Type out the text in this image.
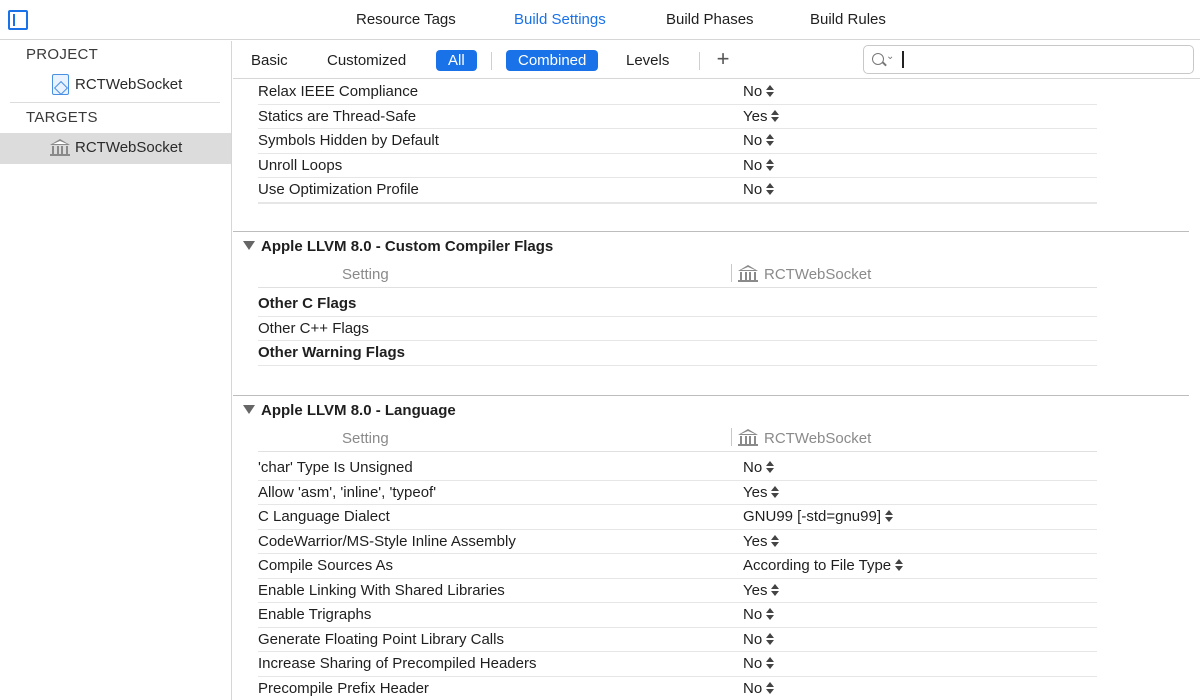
Resource Tags	Build Settings	Build Phases	Build Rules
PROJECT
RCTWebSocket
TARGETS
RCTWebSocket
Basic	Customized	All	Combined	Levels +	⌄
Relax IEEE Compliance	No
Statics are Thread-Safe	Yes
Symbols Hidden by Default	No
Unroll Loops	No
Use Optimization Profile	No
Apple LLVM 8.0 - Custom Compiler Flags
Setting	RCTWebSocket
Other C Flags
Other C++ Flags
Other Warning Flags
Apple LLVM 8.0 - Language
Setting	RCTWebSocket
'char' Type Is Unsigned	No
Allow 'asm', 'inline', 'typeof'	Yes
C Language Dialect	GNU99 [-std=gnu99]
CodeWarrior/MS-Style Inline Assembly	Yes
Compile Sources As	According to File Type
Enable Linking With Shared Libraries	Yes
Enable Trigraphs	No
Generate Floating Point Library Calls	No
Increase Sharing of Precompiled Headers	No
Precompile Prefix Header	No
